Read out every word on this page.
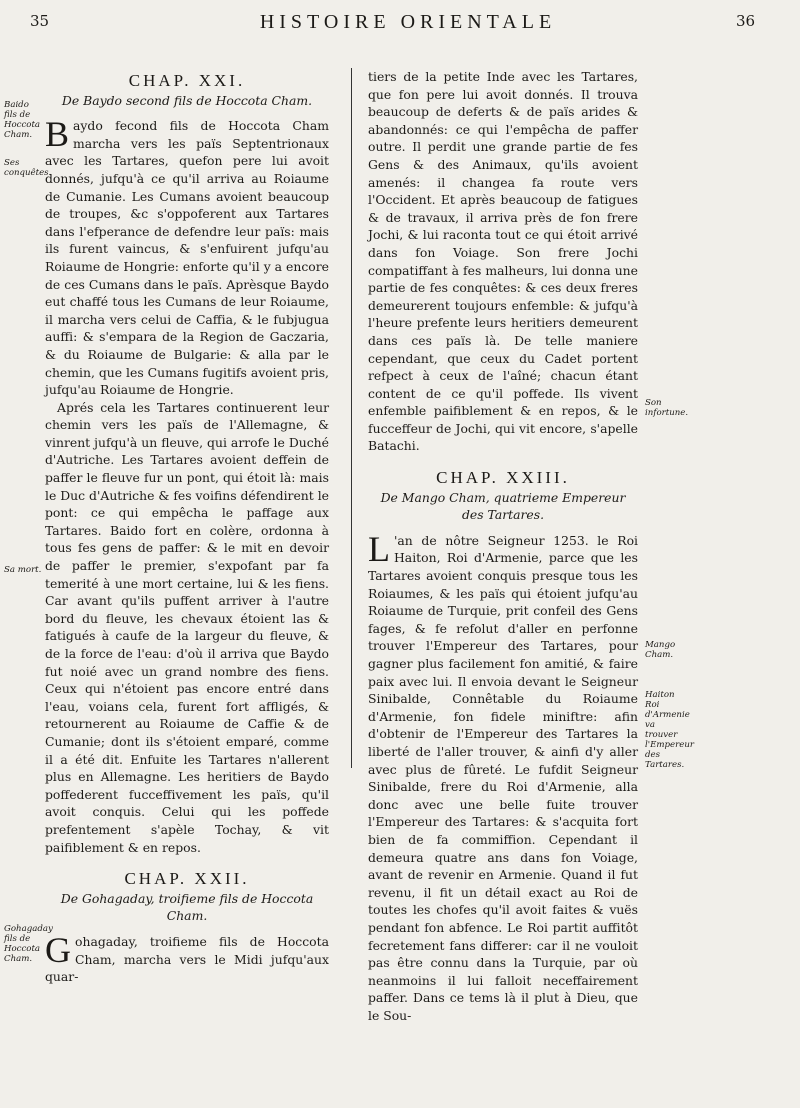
35	HISTOIRE ORIENTALE	36
Baido fils de Hoccota Cham.
Ses conquêtes.
Sa mort.
Gohagaday fils de Hoccota Cham.
CHAP. XXI.
De Baydo second fils de Hoccota Cham.

Baydo fecond fils de Hoccota Cham marcha vers les païs Septentrionaux avec les Tartares, quefon pere lui avoit donnés, jufqu'à ce qu'il arriva au Roiaume de Cumanie. Les Cumans avoient beaucoup de troupes, &c s'oppoferent aux Tartares dans l'efperance de defendre leur païs: mais ils furent vaincus, & s'enfuirent jufqu'au Roiaume de Hongrie: enforte qu'il y a encore de ces Cumans dans le païs. Aprèsque Baydo eut chaffé tous les Cumans de leur Roiaume, il marcha vers celui de Caffia, & le fubjugua auffi: & s'empara de la Region de Gaczaria, & du Roiaume de Bulgarie: & alla par le chemin, que les Cumans fugitifs avoient pris, jufqu'au Roiaume de Hongrie.

Aprés cela les Tartares continuerent leur chemin vers les païs de l'Allemagne, & vinrent jufqu'à un fleuve, qui arrofe le Duché d'Autriche. Les Tartares avoient deffein de paffer le fleuve fur un pont, qui étoit là: mais le Duc d'Autriche & fes voifins défendirent le pont: ce qui empêcha le paffage aux Tartares. Baido fort en colère, ordonna à tous fes gens de paffer: & le mit en devoir de paffer le premier, s'expofant par fa temerité à une mort certaine, lui & les fiens. Car avant qu'ils puffent arriver à l'autre bord du fleuve, les chevaux étoient las & fatigués à caufe de la largeur du fleuve, & de la force de l'eau: d'où il arriva que Baydo fut noié avec un grand nombre des fiens. Ceux qui n'étoient pas encore entré dans l'eau, voians cela, furent fort affligés, & retournerent au Roiaume de Caffie & de Cumanie; dont ils s'étoient emparé, comme il a été dit. Enfuite les Tartares n'allerent plus en Allemagne. Les heritiers de Baydo poffederent fucceffivement les païs, qu'il avoit conquis. Celui qui les poffede prefentement s'apèle Tochay, & vit paifiblement & en repos.

CHAP. XXII.
De Gohagaday, troifieme fils de Hoccota Cham.

Gohagaday, troifieme fils de Hoccota Cham, marcha vers le Midi jufqu'aux quar-

tiers de la petite Inde avec les Tartares, que fon pere lui avoit donnés. Il trouva beaucoup de deferts & de païs arides & abandonnés: ce qui l'empêcha de paffer outre. Il perdit une grande partie de fes Gens & des Animaux, qu'ils avoient amenés: il changea fa route vers l'Occident. Et après beaucoup de fatigues & de travaux, il arriva près de fon frere Jochi, & lui raconta tout ce qui étoit arrivé dans fon Voiage. Son frere Jochi compatiffant à fes malheurs, lui donna une partie de fes conquêtes: & ces deux freres demeurerent toujours enfemble: & jufqu'à l'heure prefente leurs heritiers demeurent dans ces païs là. De telle maniere cependant, que ceux du Cadet portent refpect à ceux de l'aîné; chacun étant content de ce qu'il poffede. Ils vivent enfemble paifiblement & en repos, & le fucceffeur de Jochi, qui vit encore, s'apelle Batachi.

CHAP. XXIII.
De Mango Cham, quatrieme Empereur des Tartares.

L 'an de nôtre Seigneur 1253. le Roi Haiton, Roi d'Armenie, parce que les Tartares avoient conquis presque tous les Roiaumes, & les païs qui étoient jufqu'au Roiaume de Turquie, prit confeil des Gens fages, & fe refolut d'aller en perfonne trouver l'Empereur des Tartares, pour gagner plus facilement fon amitié, & faire paix avec lui. Il envoia devant le Seigneur Sinibalde, Connêtable du Roiaume d'Armenie, fon fidele miniftre: afin d'obtenir de l'Empereur des Tartares la liberté de l'aller trouver, & ainfi d'y aller avec plus de fûreté. Le fufdit Seigneur Sinibalde, frere du Roi d'Armenie, alla donc avec une belle fuite trouver l'Empereur des Tartares: & s'acquita fort bien de fa commiffion. Cependant il demeura quatre ans dans fon Voiage, avant de revenir en Armenie. Quand il fut revenu, il fit un détail exact au Roi de toutes les chofes qu'il avoit faites & vuës pendant fon abfence. Le Roi partit auffitôt fecretement fans differer: car il ne vouloit pas être connu dans la Turquie, par où neanmoins il lui falloit neceffairement paffer. Dans ce tems là il plut à Dieu, que le Sou-

Son infortune.
Mango Cham.
Haiton Roi d'Armenie va trouver l'Empereur des Tartares.
